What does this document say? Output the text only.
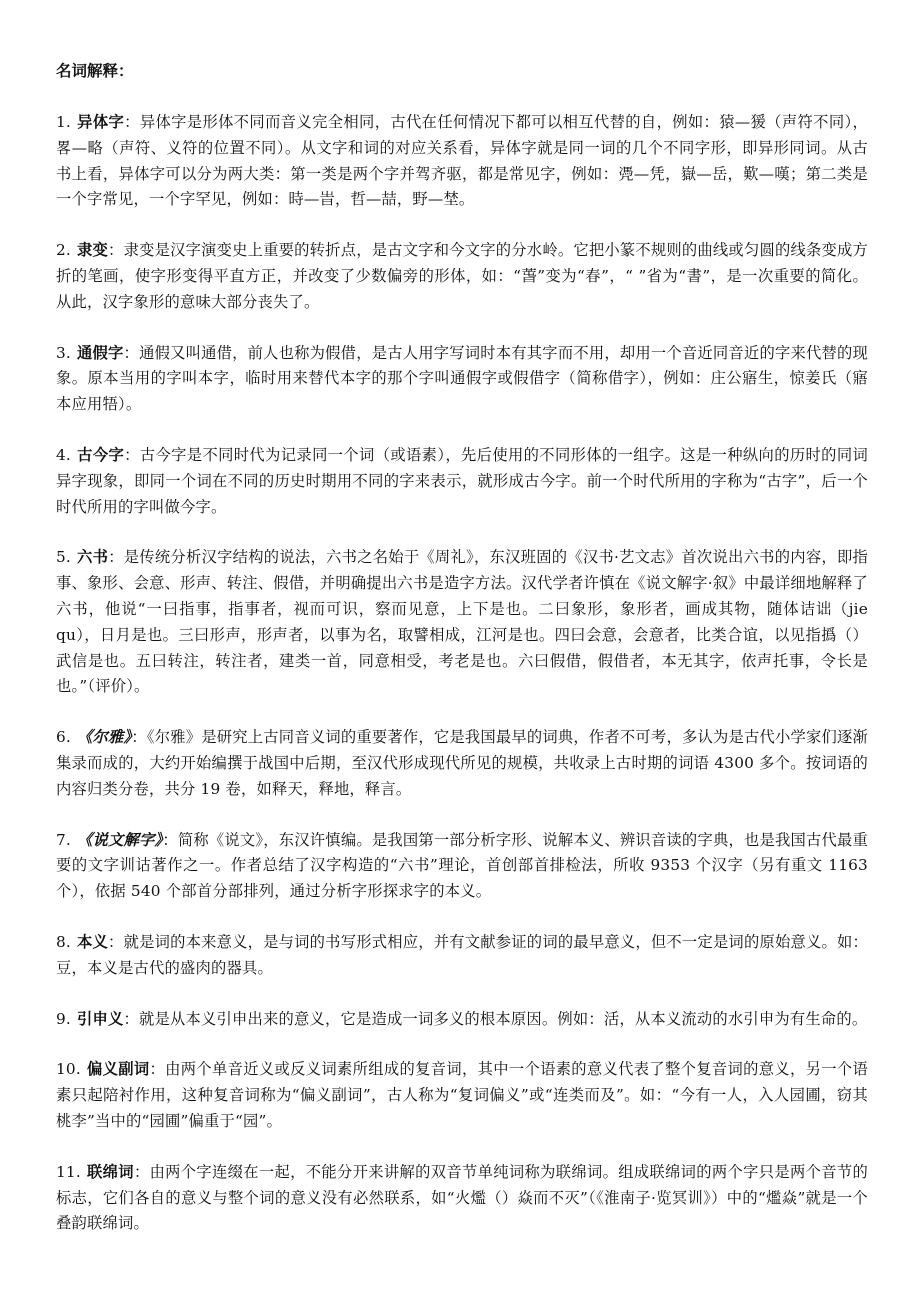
名词解释：
1. 异体字：异体字是形体不同而音义完全相同，古代在任何情况下都可以相互代替的自，例如：猿—猨（声符不同），畧—略（声符、义符的位置不同）。从文字和词的对应关系看，异体字就是同一词的几个不同字形，即异形同词。从古书上看，异体字可以分为两大类：第一类是两个字并驾齐驱，都是常见字，例如：凴—凭，嶽—岳，歎—嘆；第二类是一个字常见，一个字罕见，例如：時—旹，哲—喆，野—埜。
2. 隶变：隶变是汉字演变史上重要的转折点，是古文字和今文字的分水岭。它把小篆不规则的曲线或匀圆的线条变成方折的笔画，使字形变得平直方正，并改变了少数偏旁的形体，如：“萅”变为“春”，“ ”省为“書”，是一次重要的简化。从此，汉字象形的意味大部分丧失了。
3. 通假字：通假又叫通借，前人也称为假借，是古人用字写词时本有其字而不用，却用一个音近同音近的字来代替的现象。原本当用的字叫本字，临时用来替代本字的那个字叫通假字或假借字（简称借字），例如：庄公寤生，惊姜氏（寤本应用牾）。
4. 古今字：古今字是不同时代为记录同一个词（或语素），先后使用的不同形体的一组字。这是一种纵向的历时的同词异字现象，即同一个词在不同的历史时期用不同的字来表示，就形成古今字。前一个时代所用的字称为“古字”，后一个时代所用的字叫做今字。
5. 六书：是传统分析汉字结构的说法，六书之名始于《周礼》，东汉班固的《汉书·艺文志》首次说出六书的内容，即指事、象形、会意、形声、转注、假借，并明确提出六书是造字方法。汉代学者许慎在《说文解字·叙》中最详细地解释了六书，他说“一曰指事，指事者，视而可识，察而见意，上下是也。二曰象形，象形者，画成其物，随体诘诎（jie qu），日月是也。三曰形声，形声者，以事为名，取譬相成，江河是也。四曰会意，会意者，比类合谊，以见指撝（）武信是也。五曰转注，转注者，建类一首，同意相受，考老是也。六曰假借，假借者，本无其字，依声托事，令长是也。”（评价）。
6. 《尔雅》：《尔雅》是研究上古同音义词的重要著作，它是我国最早的词典，作者不可考，多认为是古代小学家们逐渐集录而成的，大约开始编撰于战国中后期，至汉代形成现代所见的规模，共收录上古时期的词语 4300 多个。按词语的内容归类分卷，共分 19 卷，如释天，释地，释言。
7. 《说文解字》：简称《说文》，东汉许慎编。是我国第一部分析字形、说解本义、辨识音读的字典，也是我国古代最重要的文字训诂著作之一。作者总结了汉字构造的“六书”理论，首创部首排检法，所收 9353 个汉字（另有重文 1163 个），依据 540 个部首分部排列，通过分析字形探求字的本义。
8. 本义：就是词的本来意义，是与词的书写形式相应，并有文献参证的词的最早意义，但不一定是词的原始意义。如：豆，本义是古代的盛肉的器具。
9. 引申义：就是从本义引申出来的意义，它是造成一词多义的根本原因。例如：活，从本义流动的水引申为有生命的。
10. 偏义副词：由两个单音近义或反义词素所组成的复音词，其中一个语素的意义代表了整个复音词的意义，另一个语素只起陪衬作用，这种复音词称为“偏义副词”，古人称为“复词偏义”或“连类而及”。如：“今有一人，入人园圃，窃其桃李”当中的“园圃”偏重于“园”。
11. 联绵词：由两个字连缀在一起，不能分开来讲解的双音节单纯词称为联绵词。组成联绵词的两个字只是两个音节的标志，它们各自的意义与整个词的意义没有必然联系，如“火爁（）焱而不灭”（《淮南子·览冥训》）中的“爁焱”就是一个叠韵联绵词。
